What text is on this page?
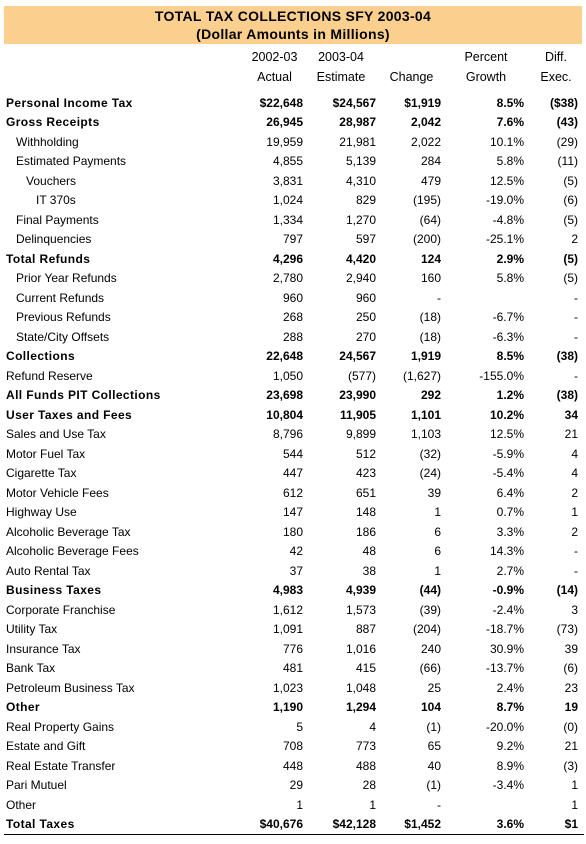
TOTAL TAX COLLECTIONS SFY 2003-04
(Dollar Amounts in Millions)
	2002-03	2003-04		Percent	Diff.
	Actual	Estimate	Change	Growth	Exec.

Personal Income Tax	$22,648	$24,567	$1,919	8.5%	($38)
Gross Receipts	26,945	28,987	2,042	7.6%	(43)
Withholding	19,959	21,981	2,022	10.1%	(29)
Estimated Payments	4,855	5,139	284	5.8%	(11)
Vouchers	3,831	4,310	479	12.5%	(5)
IT 370s	1,024	829	(195)	-19.0%	(6)
Final Payments	1,334	1,270	(64)	-4.8%	(5)
Delinquencies	797	597	(200)	-25.1%	2
Total Refunds	4,296	4,420	124	2.9%	(5)
Prior Year Refunds	2,780	2,940	160	5.8%	(5)
Current Refunds	960	960	-		-
Previous Refunds	268	250	(18)	-6.7%	-
State/City Offsets	288	270	(18)	-6.3%	-
Collections	22,648	24,567	1,919	8.5%	(38)
Refund Reserve	1,050	(577)	(1,627)	-155.0%	-
All Funds PIT Collections	23,698	23,990	292	1.2%	(38)
User Taxes and Fees	10,804	11,905	1,101	10.2%	34
Sales and Use Tax	8,796	9,899	1,103	12.5%	21
Motor Fuel Tax	544	512	(32)	-5.9%	4
Cigarette Tax	447	423	(24)	-5.4%	4
Motor Vehicle Fees	612	651	39	6.4%	2
Highway Use	147	148	1	0.7%	1
Alcoholic Beverage Tax	180	186	6	3.3%	2
Alcoholic Beverage Fees	42	48	6	14.3%	-
Auto Rental Tax	37	38	1	2.7%	-
Business Taxes	4,983	4,939	(44)	-0.9%	(14)
Corporate Franchise	1,612	1,573	(39)	-2.4%	3
Utility Tax	1,091	887	(204)	-18.7%	(73)
Insurance Tax	776	1,016	240	30.9%	39
Bank Tax	481	415	(66)	-13.7%	(6)
Petroleum Business Tax	1,023	1,048	25	2.4%	23
Other	1,190	1,294	104	8.7%	19
Real Property Gains	5	4	(1)	-20.0%	(0)
Estate and Gift	708	773	65	9.2%	21
Real Estate Transfer	448	488	40	8.9%	(3)
Pari Mutuel	29	28	(1)	-3.4%	1
Other	1	1	-		1
Total Taxes	$40,676	$42,128	$1,452	3.6%	$1
